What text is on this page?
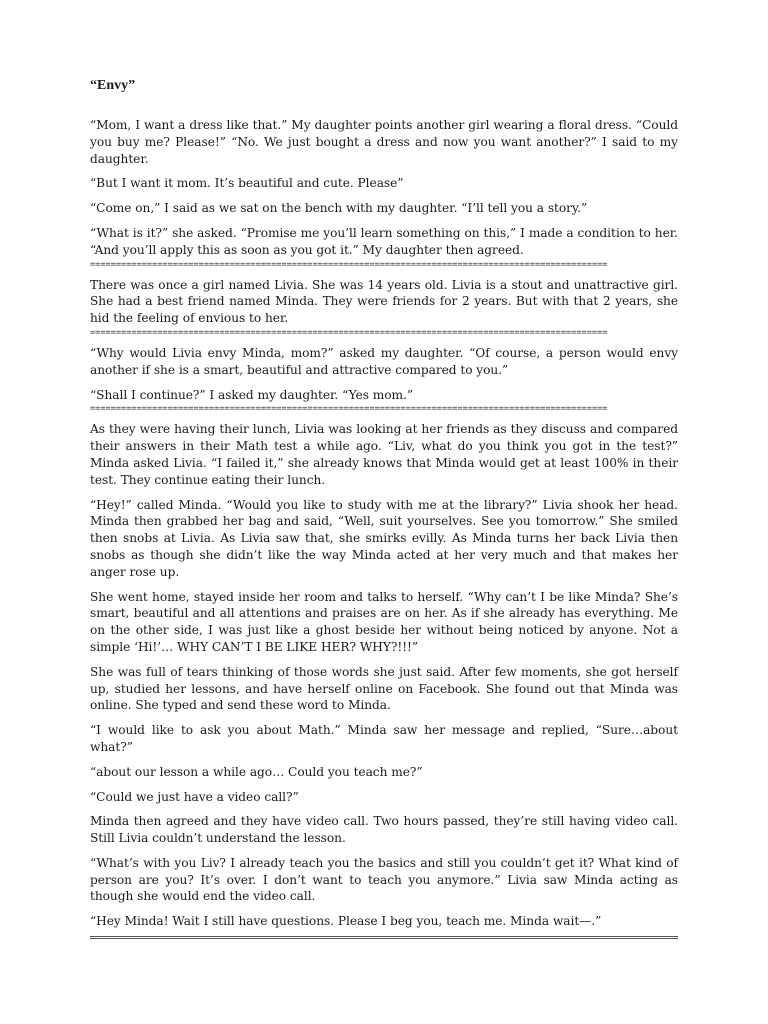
“Envy”

“Mom, I want a dress like that.” My daughter points another girl wearing a floral dress. “Could you buy me? Please!” “No. We just bought a dress and now you want another?” I said to my daughter.

“But I want it mom. It’s beautiful and cute. Please”

“Come on,” I said as we sat on the bench with my daughter. “I’ll tell you a story.”

“What is it?” she asked. “Promise me you’ll learn something on this,” I made a condition to her. “And you’ll apply this as soon as you got it.” My daughter then agreed.

====================================================================================================

There was once a girl named Livia. She was 14 years old. Livia is a stout and unattractive girl. She had a best friend named Minda. They were friends for 2 years. But with that 2 years, she hid the feeling of envious to her.

====================================================================================================

“Why would Livia envy Minda, mom?” asked my daughter. “Of course, a person would envy another if she is a smart, beautiful and attractive compared to you.”

“Shall I continue?” I asked my daughter. “Yes mom.”

====================================================================================================

As they were having their lunch, Livia was looking at her friends as they discuss and compared their answers in their Math test a while ago. “Liv, what do you think you got in the test?” Minda asked Livia. “I failed it,” she already knows that Minda would get at least 100% in their test. They continue eating their lunch.

“Hey!” called Minda. “Would you like to study with me at the library?” Livia shook her head. Minda then grabbed her bag and said, “Well, suit yourselves. See you tomorrow.” She smiled then snobs at Livia. As Livia saw that, she smirks evilly. As Minda turns her back Livia then snobs as though she didn’t like the way Minda acted at her very much and that makes her anger rose up.

She went home, stayed inside her room and talks to herself. “Why can’t I be like Minda? She’s smart, beautiful and all attentions and praises are on her. As if she already has everything. Me on the other side, I was just like a ghost beside her without being noticed by anyone. Not a simple ‘Hi!’… WHY CAN’T I BE LIKE HER? WHY?!!!”

She was full of tears thinking of those words she just said. After few moments, she got herself up, studied her lessons, and have herself online on Facebook. She found out that Minda was online. She typed and send these word to Minda.

“I would like to ask you about Math.” Minda saw her message and replied, “Sure…about what?”

“about our lesson a while ago… Could you teach me?”

“Could we just have a video call?”

Minda then agreed and they have video call. Two hours passed, they’re still having video call. Still Livia couldn’t understand the lesson.

“What’s with you Liv? I already teach you the basics and still you couldn’t get it? What kind of person are you? It’s over. I don’t want to teach you anymore.” Livia saw Minda acting as though she would end the video call.

“Hey Minda! Wait I still have questions. Please I beg you, teach me. Minda wait—.”
